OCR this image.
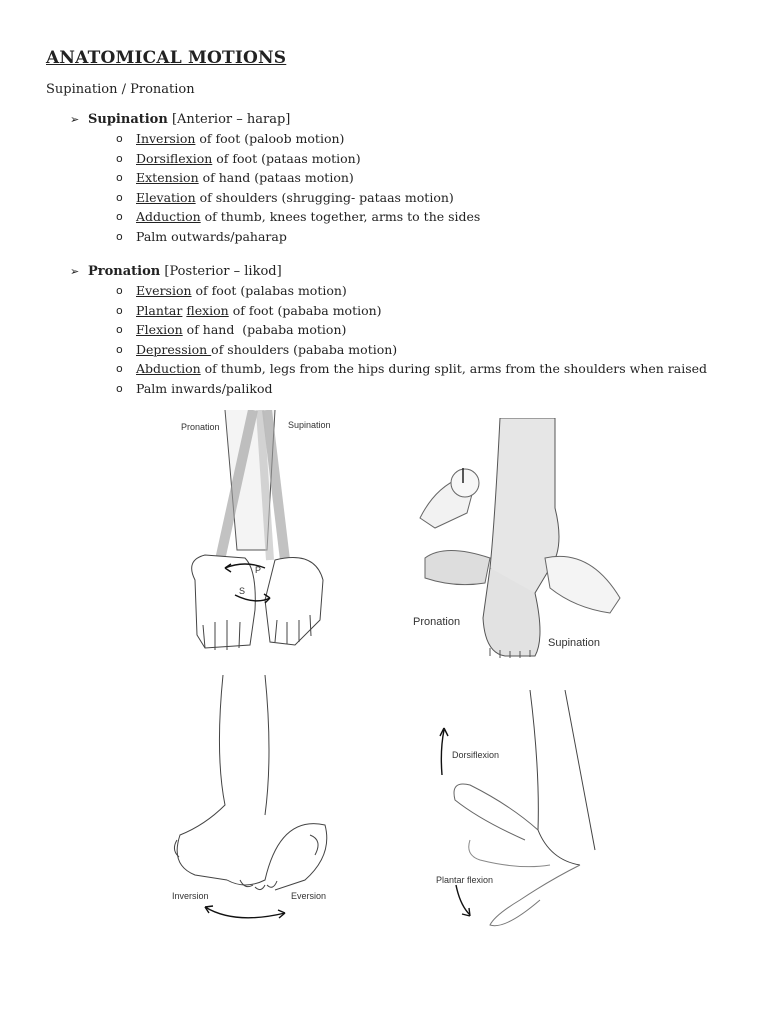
ANATOMICAL MOTIONS
Supination / Pronation
➢ Supination [Anterior – harap]
o	Inversion of foot (paloob motion)
o	Dorsiflexion of foot (pataas motion)
o	Extension of hand (pataas motion)
o	Elevation of shoulders (shrugging- pataas motion)
o	Adduction of thumb, knees together, arms to the sides
o	Palm outwards/paharap
➢ Pronation [Posterior – likod]
o	Eversion of foot (palabas motion)
o	Plantar
flexion of foot (pababa motion)
o	Flexion of hand  (pababa motion)
o	Depression of shoulders (pababa motion)
o	Abduction of thumb, legs from the hips during split, arms from the shoulders when raised
o	Palm inwards/palikod
Pronation	Supination
P
S
Pronation
Supination
Inversion	Eversion
Dorsiflexion
Plantar flexion
